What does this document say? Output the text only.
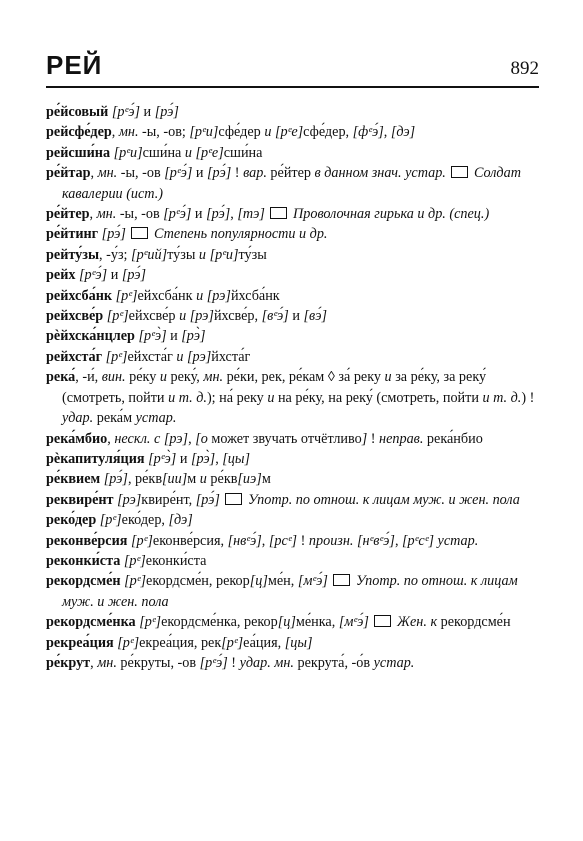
РЕЙ	892

ре́йсовый [рᵉэ́] и [рэ́]

рейсфе́дер, мн. -ы, -ов; [рᵉи]сфе́дер и [рᵉе]сфе́дер, [фᵉэ́], [дэ]

рейсши́на [рᵉи]сши́на и [рᵉе]сши́на

ре́йтар, мн. -ы, -ов [рᵉэ́] и [рэ́] ! вар. ре́йтер в данном знач. устар. Солдат кавалерии (ист.)

ре́йтер, мн. -ы, -ов [рᵉэ́] и [рэ́], [тэ] Проволочная гирька и др. (спец.)

ре́йтинг [рэ́] Степень популярности и др.

рейту́зы, -у́з; [рᵉий]ту́зы и [рᵉи]ту́зы

рейх [рᵉэ́] и [рэ́]

рейхсба́нк [рᵉ]ейхсба́нк и [рэ]йхсба́нк

рейхсве́р [рᵉ]ейхсве́р и [рэ]йхсве́р, [вᵉэ́] и [вэ́]

рѐйхска́нцлер [рᵉэ̀] и [рэ̀]

рейхста́г [рᵉ]ейхста́г и [рэ]йхста́г

река́, -и́, вин. ре́ку и реку́, мн. ре́ки, рек, ре́кам ◊ за́ реку и за ре́ку, за реку́ (смотреть, пойти и т. д.); на́ реку и на ре́ку, на реку́ (смотреть, пойти и т. д.) ! удар. река́м устар.

река́мбио, нескл. с [рэ], [о может звучать отчётливо] ! неправ. река́нбио

рѐкапитуля́ция [рᵉэ̀] и [рэ̀], [цы]

ре́квием [рэ́], ре́кв[ии]м и ре́кв[иэ]м

реквире́нт [рэ]квире́нт, [рэ́] Употр. по отнош. к лицам муж. и жен. пола

реко́дер [рᵉ]еко́дер, [дэ]

реконве́рсия [рᵉ]еконве́рсия, [нвᵉэ́], [рсᵉ] ! произн. [нᵉвᵉэ́], [рᵉсᵉ] устар.

реконки́ста [рᵉ]еконки́ста

рекордсме́н [рᵉ]екордсме́н, рекор[ц]ме́н, [мᵉэ́] Употр. по отнош. к лицам муж. и жен. пола

рекордсме́нка [рᵉ]екордсме́нка, рекор[ц]ме́нка, [мᵉэ́] Жен. к рекордсме́н

рекреа́ция [рᵉ]екреа́ция, рек[рᵉ]еа́ция, [цы]

ре́крут, мн. ре́круты, -ов [рᵉэ́] ! удар. мн. рекрута́, -о́в устар.
